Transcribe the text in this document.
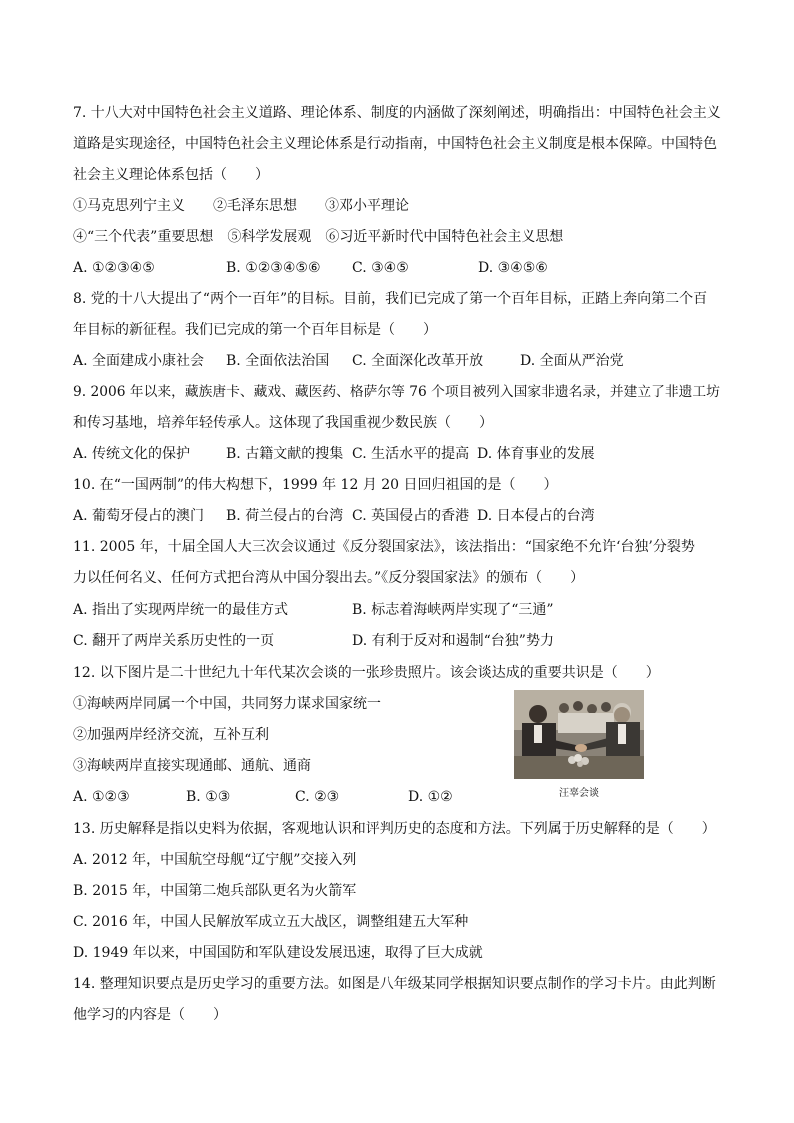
7. 十八大对中国特色社会主义道路、理论体系、制度的内涵做了深刻阐述，明确指出：中国特色社会主义
道路是实现途径，中国特色社会主义理论体系是行动指南，中国特色社会主义制度是根本保障。中国特色
社会主义理论体系包括（　　）
①马克思列宁主义　　②毛泽东思想　　③邓小平理论
④“三个代表”重要思想　⑤科学发展观　⑥习近平新时代中国特色社会主义思想
A. ①②③④⑤	B. ①②③④⑤⑥ C. ③④⑤	D. ③④⑤⑥
8. 党的十八大提出了“两个一百年”的目标。目前，我们已完成了第一个百年目标，正踏上奔向第二个百
年目标的新征程。我们已完成的第一个百年目标是（　　）
A. 全面建成小康社会 B. 全面依法治国 C. 全面深化改革开放	D. 全面从严治党
9. 2006 年以来，藏族唐卡、藏戏、藏医药、格萨尔等 76 个项目被列入国家非遗名录，并建立了非遗工坊
和传习基地，培养年轻传承人。这体现了我国重视少数民族（　　）
A. 传统文化的保护	B. 古籍文献的搜集 C. 生活水平的提高 D. 体育事业的发展
10. 在“一国两制”的伟大构想下，1999 年 12 月 20 日回归祖国的是（　　）
A. 葡萄牙侵占的澳门 B. 荷兰侵占的台湾 C. 英国侵占的香港 D. 日本侵占的台湾
11. 2005 年，十届全国人大三次会议通过《反分裂国家法》，该法指出：“国家绝不允许‘台独’分裂势
力以任何名义、任何方式把台湾从中国分裂出去。”《反分裂国家法》的颁布（　　）
A. 指出了实现两岸统一的最佳方式	B. 标志着海峡两岸实现了“三通”
C. 翻开了两岸关系历史性的一页	D. 有利于反对和遏制“台独”势力
12. 以下图片是二十世纪九十年代某次会谈的一张珍贵照片。该会谈达成的重要共识是（　　）
①海峡两岸同属一个中国，共同努力谋求国家统一
②加强两岸经济交流，互补互利
③海峡两岸直接实现通邮、通航、通商
A. ①②③	B. ①③	C. ②③	D. ①②	汪辜会谈
13. 历史解释是指以史料为依据，客观地认识和评判历史的态度和方法。下列属于历史解释的是（　　）
A. 2012 年，中国航空母舰“辽宁舰”交接入列
B. 2015 年，中国第二炮兵部队更名为火箭军
C. 2016 年，中国人民解放军成立五大战区，调整组建五大军种
D. 1949 年以来，中国国防和军队建设发展迅速，取得了巨大成就
14. 整理知识要点是历史学习的重要方法。如图是八年级某同学根据知识要点制作的学习卡片。由此判断
他学习的内容是（　　）
